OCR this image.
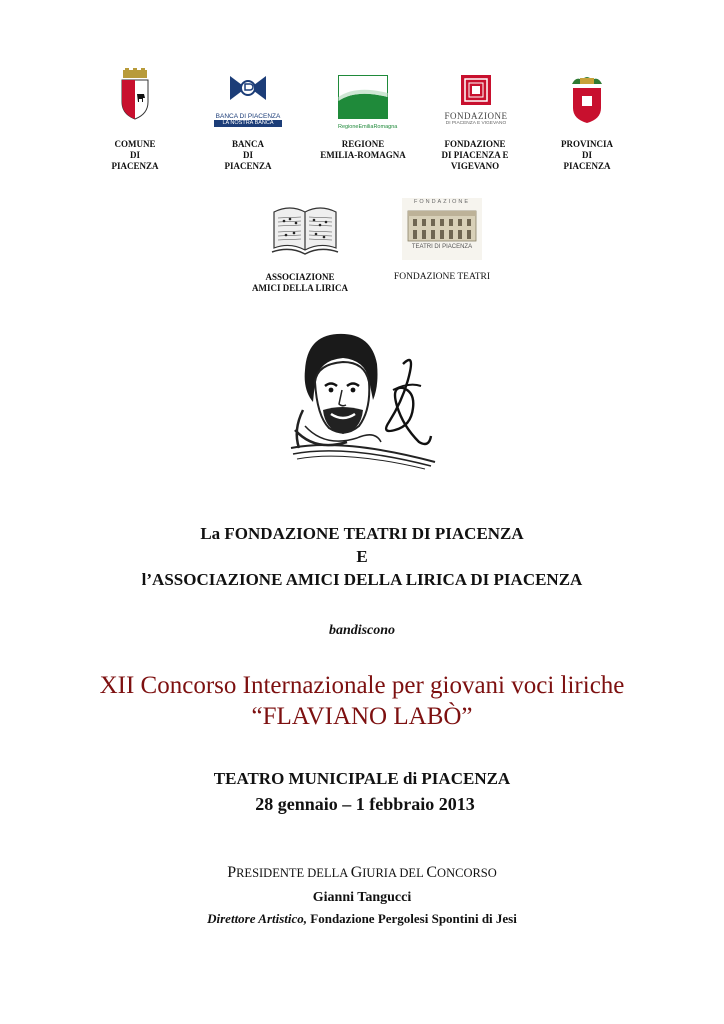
COMUNE
DI
PIACENZA
BANCA DI PIACENZA
LA NOSTRA BANCA
BANCA
DI
PIACENZA
RegioneEmiliaRomagna
REGIONE
EMILIA-ROMAGNA
FONDAZIONE
DI PIACENZA E VIGEVANO
FONDAZIONE
DI PIACENZA E
VIGEVANO
PROVINCIA
DI
PIACENZA
ASSOCIAZIONE
AMICI DELLA LIRICA
FONDAZIONE
TEATRI DI PIACENZA
FONDAZIONE TEATRI
La FONDAZIONE TEATRI DI PIACENZA
E
l’ASSOCIAZIONE AMICI DELLA LIRICA DI PIACENZA
bandiscono
XII Concorso Internazionale per giovani voci liriche
“FLAVIANO LABÒ”
TEATRO MUNICIPALE di PIACENZA
28 gennaio – 1 febbraio 2013
PRESIDENTE DELLA GIURIA DEL CONCORSO
Gianni Tangucci
Direttore Artistico, Fondazione Pergolesi Spontini di Jesi
